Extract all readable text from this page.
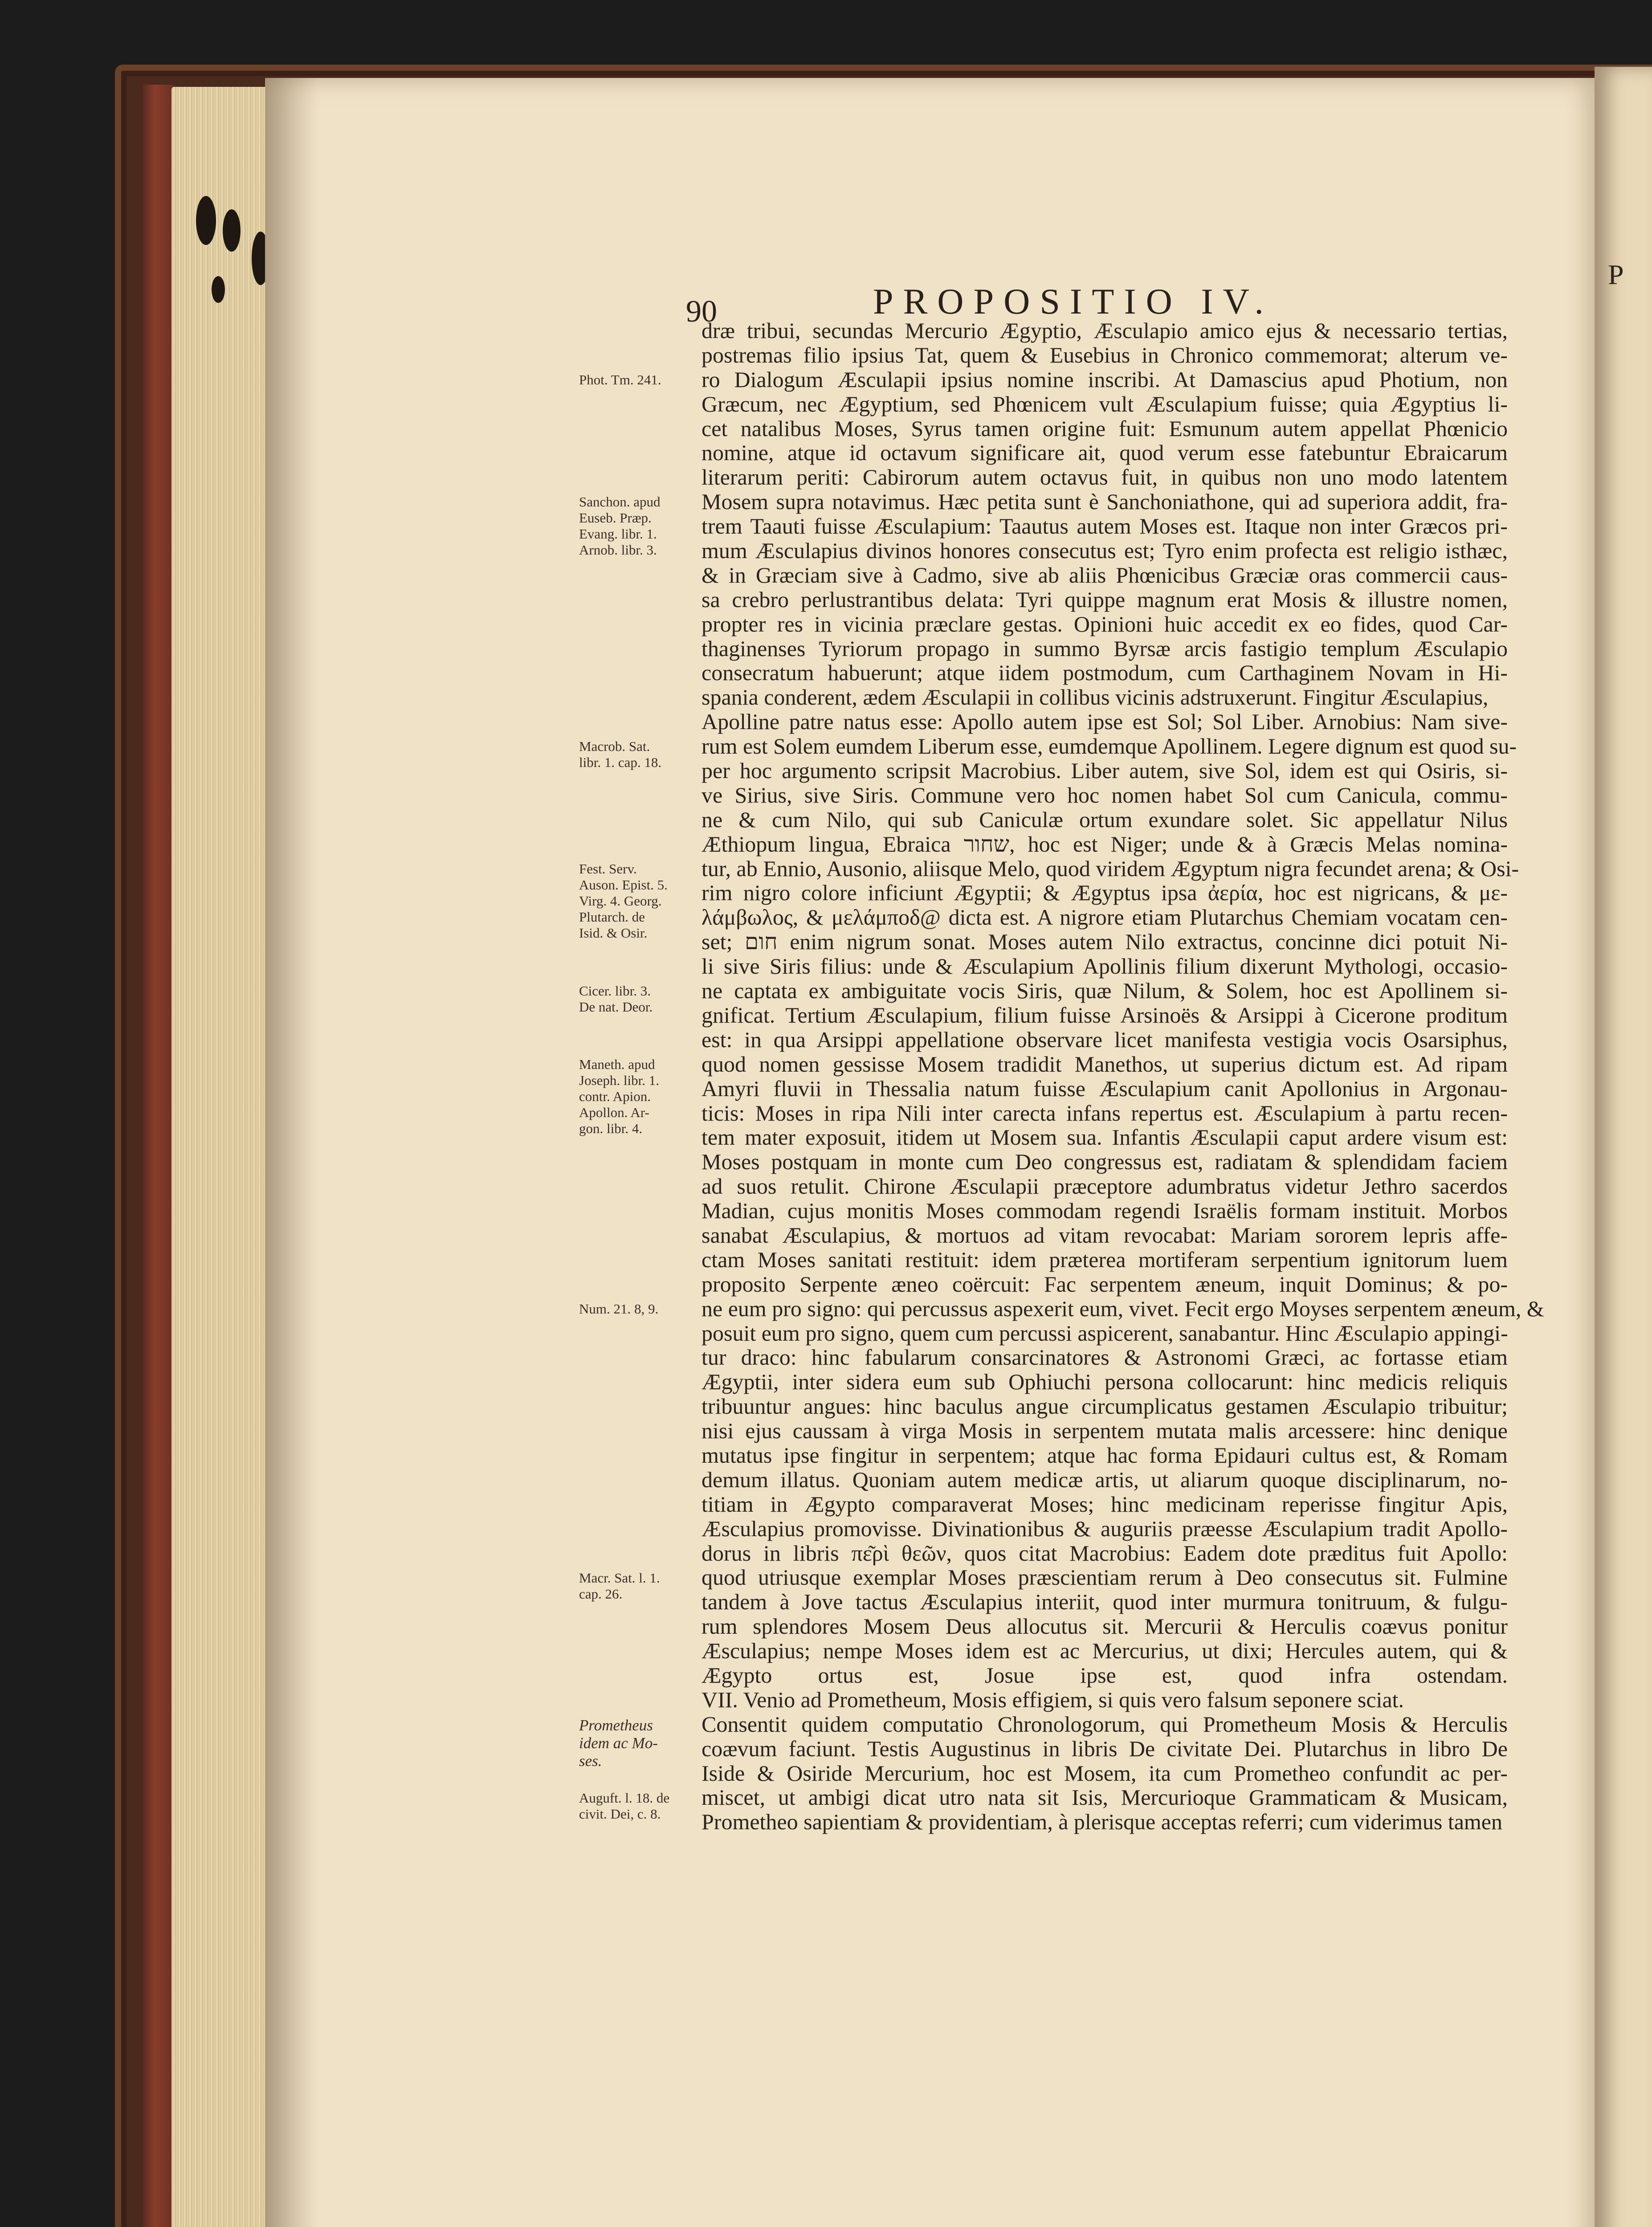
P
90	PROPOSITIO IV.
Phot. Tm. 241.
Sanchon. apud
Euseb. Præp.
Evang. libr. 1.
Arnob. libr. 3.
Macrob. Sat.
libr. 1. cap. 18.
Fest. Serv.
Auson. Epist. 5.
Virg. 4. Georg.
Plutarch. de
Isid. & Osir.
Cicer. libr. 3.
De nat. Deor.
Maneth. apud
Joseph. libr. 1.
contr. Apion.
Apollon. Ar-
gon. libr. 4.
Num. 21. 8, 9.
Macr. Sat. l. 1.
cap. 26.
Prometheus
idem ac Mo-
ses.
Auguft. l. 18. de
civit. Dei, c. 8.
dræ tribui, secundas Mercurio Ægyptio, Æsculapio amico ejus & necessario tertias,
postremas filio ipsius Tat, quem & Eusebius in Chronico commemorat; alterum ve-
ro Dialogum Æsculapii ipsius nomine inscribi. At Damascius apud Photium, non
Græcum, nec Ægyptium, sed Phœnicem vult Æsculapium fuisse; quia Ægyptius li-
cet natalibus Moses, Syrus tamen origine fuit: Esmunum autem appellat Phœnicio
nomine, atque id octavum significare ait, quod verum esse fatebuntur Ebraicarum
literarum periti: Cabirorum autem octavus fuit, in quibus non uno modo latentem
Mosem supra notavimus. Hæc petita sunt è Sanchoniathone, qui ad superiora addit, fra-
trem Taauti fuisse Æsculapium: Taautus autem Moses est. Itaque non inter Græcos pri-
mum Æsculapius divinos honores consecutus est; Tyro enim profecta est religio isthæc,
& in Græciam sive à Cadmo, sive ab aliis Phœnicibus Græciæ oras commercii caus-
sa crebro perlustrantibus delata: Tyri quippe magnum erat Mosis & illustre nomen,
propter res in vicinia præclare gestas. Opinioni huic accedit ex eo fides, quod Car-
thaginenses Tyriorum propago in summo Byrsæ arcis fastigio templum Æsculapio
consecratum habuerunt; atque iidem postmodum, cum Carthaginem Novam in Hi-
spania conderent, ædem Æsculapii in collibus vicinis adstruxerunt. Fingitur Æsculapius,
Apolline patre natus esse: Apollo autem ipse est Sol; Sol Liber. Arnobius: Nam sive-
rum est Solem eumdem Liberum esse, eumdemque Apollinem. Legere dignum est quod su-
per hoc argumento scripsit Macrobius. Liber autem, sive Sol, idem est qui Osiris, si-
ve Sirius, sive Siris. Commune vero hoc nomen habet Sol cum Canicula, commu-
ne & cum Nilo, qui sub Caniculæ ortum exundare solet. Sic appellatur Nilus
Æthiopum lingua, Ebraica שחור, hoc est Niger; unde & à Græcis Melas nomina-
tur, ab Ennio, Ausonio, aliisque Melo, quod viridem Ægyptum nigra fecundet arena; & Osi-
rim nigro colore inficiunt Ægyptii; & Ægyptus ipsa ἀερία, hoc est nigricans, & με-
λάμβωλος, & μελάμποδ@ dicta est. A nigrore etiam Plutarchus Chemiam vocatam cen-
set; חום enim nigrum sonat. Moses autem Nilo extractus, concinne dici potuit Ni-
li sive Siris filius: unde & Æsculapium Apollinis filium dixerunt Mythologi, occasio-
ne captata ex ambiguitate vocis Siris, quæ Nilum, & Solem, hoc est Apollinem si-
gnificat. Tertium Æsculapium, filium fuisse Arsinoës & Arsippi à Cicerone proditum
est: in qua Arsippi appellatione observare licet manifesta vestigia vocis Osarsiphus,
quod nomen gessisse Mosem tradidit Manethos, ut superius dictum est. Ad ripam
Amyri fluvii in Thessalia natum fuisse Æsculapium canit Apollonius in Argonau-
ticis: Moses in ripa Nili inter carecta infans repertus est. Æsculapium à partu recen-
tem mater exposuit, itidem ut Mosem sua. Infantis Æsculapii caput ardere visum est:
Moses postquam in monte cum Deo congressus est, radiatam & splendidam faciem
ad suos retulit. Chirone Æsculapii præceptore adumbratus videtur Jethro sacerdos
Madian, cujus monitis Moses commodam regendi Israëlis formam instituit. Morbos
sanabat Æsculapius, & mortuos ad vitam revocabat: Mariam sororem lepris affe-
ctam Moses sanitati restituit: idem præterea mortiferam serpentium ignitorum luem
proposito Serpente æneo coërcuit: Fac serpentem æneum, inquit Dominus; & po-
ne eum pro signo: qui percussus aspexerit eum, vivet. Fecit ergo Moyses serpentem æneum, &
posuit eum pro signo, quem cum percussi aspicerent, sanabantur. Hinc Æsculapio appingi-
tur draco: hinc fabularum consarcinatores & Astronomi Græci, ac fortasse etiam
Ægyptii, inter sidera eum sub Ophiuchi persona collocarunt: hinc medicis reliquis
tribuuntur angues: hinc baculus angue circumplicatus gestamen Æsculapio tribuitur;
nisi ejus caussam à virga Mosis in serpentem mutata malis arcessere: hinc denique
mutatus ipse fingitur in serpentem; atque hac forma Epidauri cultus est, & Romam
demum illatus. Quoniam autem medicæ artis, ut aliarum quoque disciplinarum, no-
titiam in Ægypto comparaverat Moses; hinc medicinam reperisse fingitur Apis,
Æsculapius promovisse. Divinationibus & auguriis præesse Æsculapium tradit Apollo-
dorus in libris πε͂ρὶ θεῶν, quos citat Macrobius: Eadem dote præditus fuit Apollo:
quod utriusque exemplar Moses præscientiam rerum à Deo consecutus sit. Fulmine
tandem à Jove tactus Æsculapius interiit, quod inter murmura tonitruum, & fulgu-
rum splendores Mosem Deus allocutus sit. Mercurii & Herculis coævus ponitur
Æsculapius; nempe Moses idem est ac Mercurius, ut dixi; Hercules autem, qui &
Ægypto ortus est, Josue ipse est, quod infra ostendam.
VII. Venio ad Prometheum, Mosis effigiem, si quis vero falsum seponere sciat.
Consentit quidem computatio Chronologorum, qui Prometheum Mosis & Herculis
coævum faciunt. Testis Augustinus in libris De civitate Dei. Plutarchus in libro De
Iside & Osiride Mercurium, hoc est Mosem, ita cum Prometheo confundit ac per-
miscet, ut ambigi dicat utro nata sit Isis, Mercurioque Grammaticam & Musicam,
Prometheo sapientiam & providentiam, à plerisque acceptas referri; cum viderimus tamen
